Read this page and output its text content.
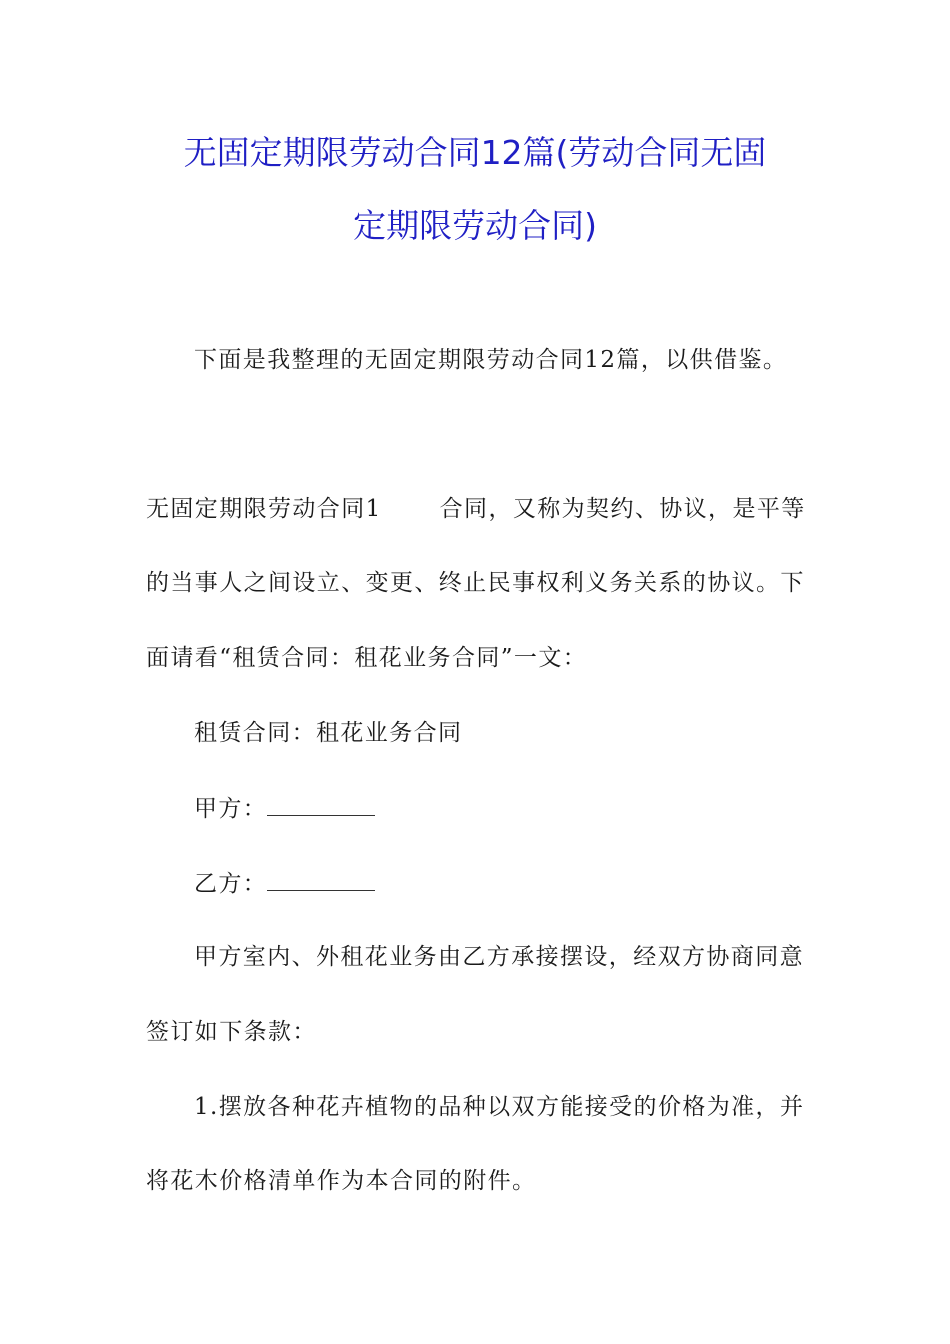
无固定期限劳动合同12篇(劳动合同无固
定期限劳动合同)
下面是我整理的无固定期限劳动合同12篇，以供借鉴。
无固定期限劳动合同1	合同，又称为契约、协议，是平等
的当事人之间设立、变更、终止民事权利义务关系的协议。下
面请看“租赁合同：租花业务合同”一文：
租赁合同：租花业务合同
甲方：
乙方：
甲方室内、外租花业务由乙方承接摆设，经双方协商同意
签订如下条款：
1.摆放各种花卉植物的品种以双方能接受的价格为准，并
将花木价格清单作为本合同的附件。
